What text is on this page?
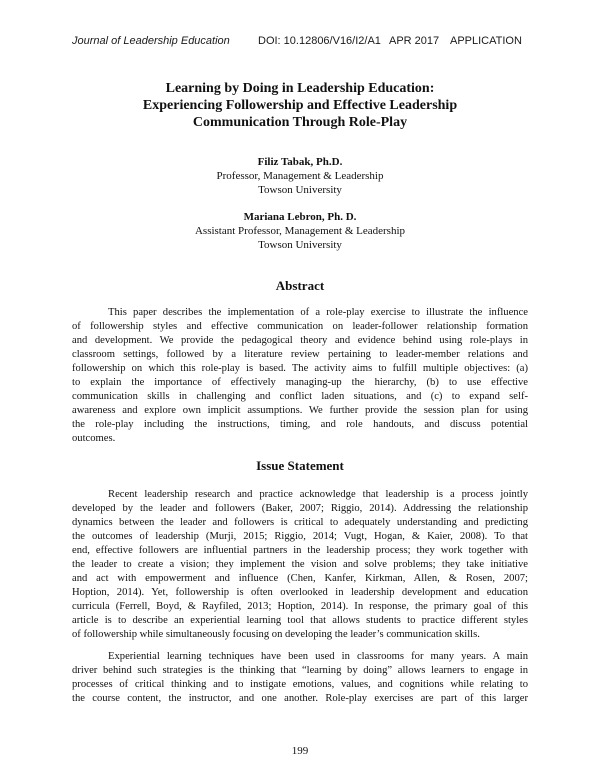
Journal of Leadership Education	DOI: 10.12806/V16/I2/A1 APR 2017 APPLICATION
Learning by Doing in Leadership Education:
Experiencing Followership and Effective Leadership
Communication Through Role-Play
Filiz Tabak, Ph.D.
Professor, Management & Leadership
Towson University
Mariana Lebron, Ph. D.
Assistant Professor, Management & Leadership
Towson University
Abstract
This paper describes the implementation of a role-play exercise to illustrate the influence
of followership styles and effective communication on leader-follower relationship formation
and development. We provide the pedagogical theory and evidence behind using role-plays in
classroom settings, followed by a literature review pertaining to leader-member relations and
followership on which this role-play is based. The activity aims to fulfill multiple objectives: (a)
to explain the importance of effectively managing-up the hierarchy, (b) to use effective
communication skills in challenging and conflict laden situations, and (c) to expand self-
awareness and explore own implicit assumptions. We further provide the session plan for using
the role-play including the instructions, timing, and role handouts, and discuss potential
outcomes.
Issue Statement
Recent leadership research and practice acknowledge that leadership is a process jointly
developed by the leader and followers (Baker, 2007; Riggio, 2014). Addressing the relationship
dynamics between the leader and followers is critical to adequately understanding and predicting
the outcomes of leadership (Murji, 2015; Riggio, 2014; Vugt, Hogan, & Kaier, 2008). To that
end, effective followers are influential partners in the leadership process; they work together with
the leader to create a vision; they implement the vision and solve problems; they take initiative
and act with empowerment and influence (Chen, Kanfer, Kirkman, Allen, & Rosen, 2007;
Hoption, 2014). Yet, followership is often overlooked in leadership development and education
curricula (Ferrell, Boyd, & Rayfiled, 2013; Hoption, 2014). In response, the primary goal of this
article is to describe an experiential learning tool that allows students to practice different styles
of followership while simultaneously focusing on developing the leader’s communication skills.
Experiential learning techniques have been used in classrooms for many years. A main
driver behind such strategies is the thinking that “learning by doing” allows learners to engage in
processes of critical thinking and to instigate emotions, values, and cognitions while relating to
the course content, the instructor, and one another. Role-play exercises are part of this larger
199
